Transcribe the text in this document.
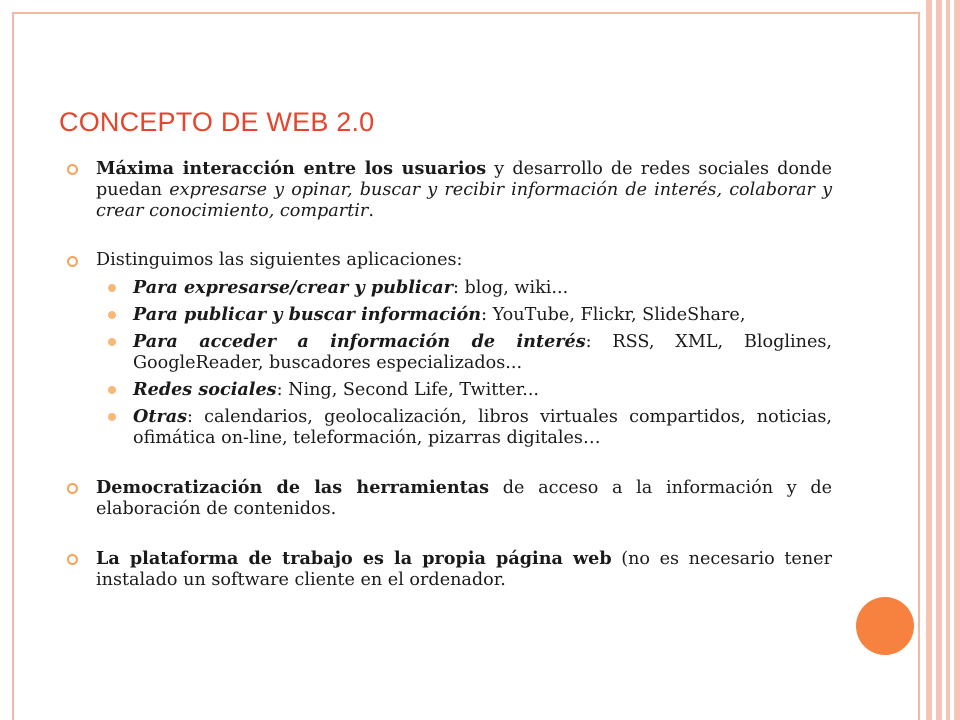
CONCEPTO DE WEB 2.0

Máxima interacción entre los usuarios y desarrollo de redes sociales donde puedan expresarse y opinar, buscar y recibir información de interés, colaborar y crear conocimiento, compartir.

Distinguimos las siguientes aplicaciones:

Para expresarse/crear y publicar: blog, wiki...
Para publicar y buscar información: YouTube, Flickr, SlideShare,
Para acceder a información de interés: RSS, XML, Bloglines, GoogleReader, buscadores especializados...
Redes sociales: Ning, Second Life, Twitter...
Otras: calendarios, geolocalización, libros virtuales compartidos, noticias, ofimática on-line, teleformación, pizarras digitales…

Democratización de las herramientas de acceso a la información y de elaboración de contenidos.

La plataforma de trabajo es la propia página web (no es necesario tener instalado un software cliente en el ordenador.
